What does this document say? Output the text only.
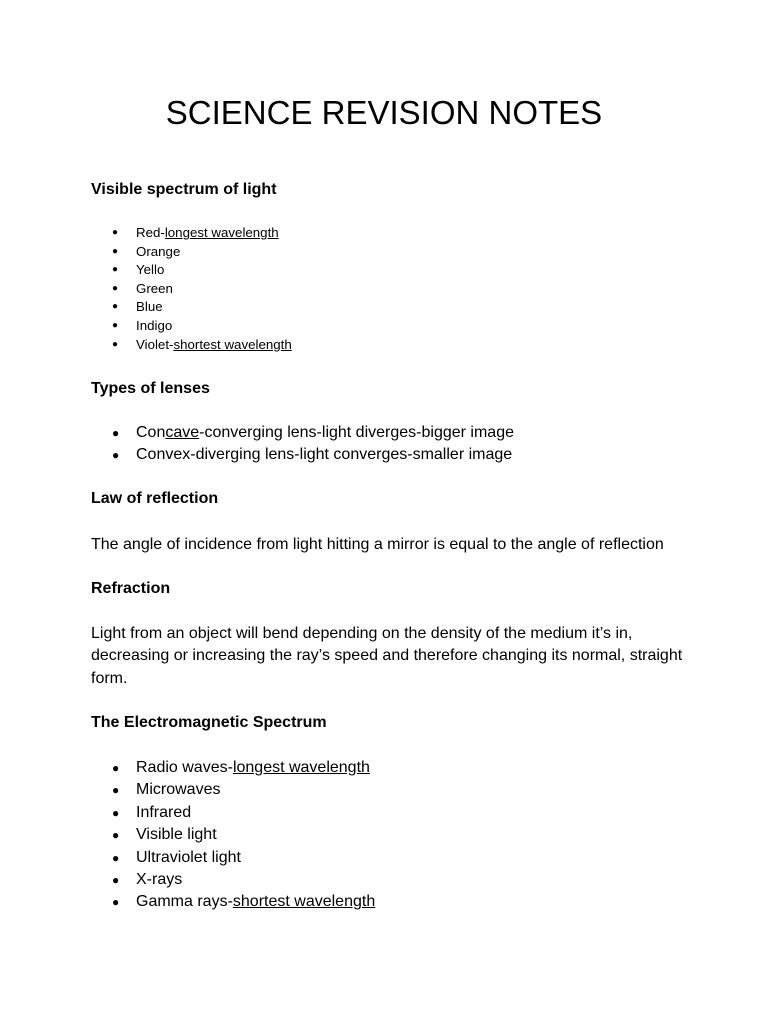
SCIENCE REVISION NOTES
Visible spectrum of light
● Red-longest wavelength
● Orange
● Yello
● Green
● Blue
● Indigo
● Violet-shortest wavelength
Types of lenses
● Concave-converging lens-light diverges-bigger image
● Convex-diverging lens-light converges-smaller image
Law of reflection

The angle of incidence from light hitting a mirror is equal to the angle of reflection

Refraction

Light from an object will bend depending on the density of the medium it’s in, decreasing or increasing the ray’s speed and therefore changing its normal, straight form.

The Electromagnetic Spectrum
● Radio waves-longest wavelength
● Microwaves
● Infrared
● Visible light
● Ultraviolet light
● X-rays
● Gamma rays-shortest wavelength
